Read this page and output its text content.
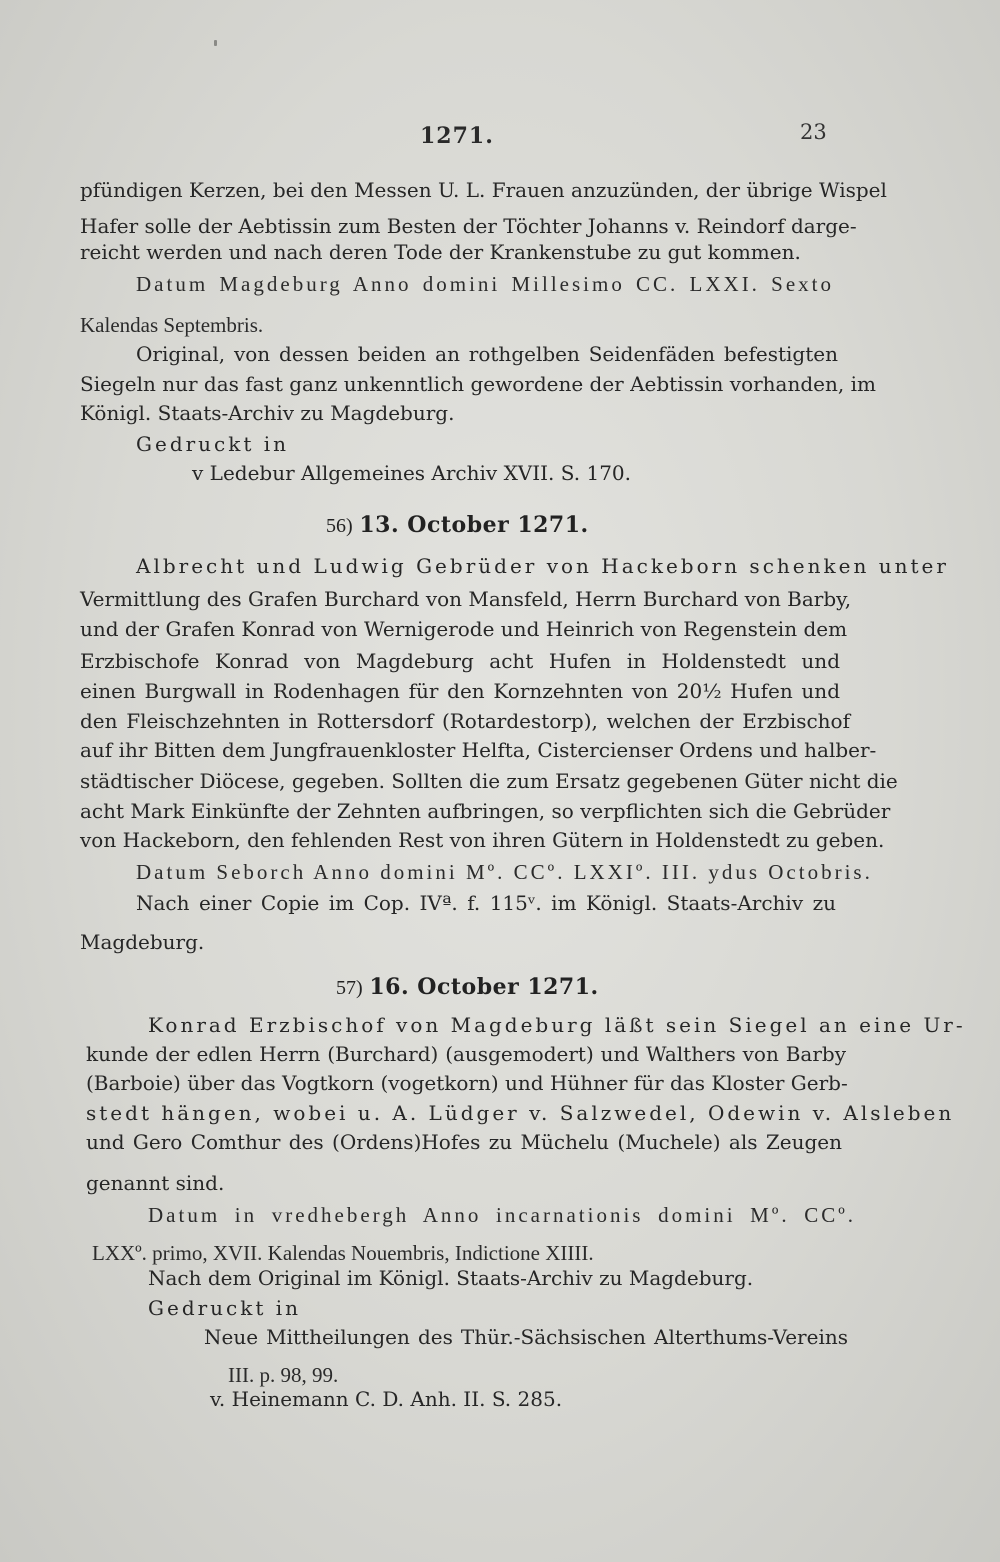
1271.	23
pfündigen Kerzen, bei den Messen U. L. Frauen anzuzünden, der übrige Wispel
Hafer solle der Aebtissin zum Besten der Töchter Johanns v. Reindorf darge-
reicht werden und nach deren Tode der Krankenstube zu gut kommen.
Datum Magdeburg Anno domini Millesimo CC. LXXI. Sexto
Kalendas Septembris.
Original, von dessen beiden an rothgelben Seidenfäden befestigten
Siegeln nur das fast ganz unkenntlich gewordene der Aebtissin vorhanden, im
Königl. Staats-Archiv zu Magdeburg.
Gedruckt in
v Ledebur Allgemeines Archiv XVII. S. 170.
56) 13. October 1271.
Albrecht und Ludwig Gebrüder von Hackeborn schenken unter
Vermittlung des Grafen Burchard von Mansfeld, Herrn Burchard von Barby,
und der Grafen Konrad von Wernigerode und Heinrich von Regenstein dem
Erzbischofe Konrad von Magdeburg acht Hufen in Holdenstedt und
einen Burgwall in Rodenhagen für den Kornzehnten von 20½ Hufen und
den Fleischzehnten in Rottersdorf (Rotardestorp), welchen der Erzbischof
auf ihr Bitten dem Jungfrauenkloster Helfta, Cistercienser Ordens und halber-
städtischer Diöcese, gegeben. Sollten die zum Ersatz gegebenen Güter nicht die
acht Mark Einkünfte der Zehnten aufbringen, so verpflichten sich die Gebrüder
von Hackeborn, den fehlenden Rest von ihren Gütern in Holdenstedt zu geben.
Datum Seborch Anno domini Mº. CCº. LXXIº. III. ydus Octobris.
Nach einer Copie im Cop. IVª. f. 115ᵛ. im Königl. Staats-Archiv zu
Magdeburg.
57) 16. October 1271.
Konrad Erzbischof von Magdeburg läßt sein Siegel an eine Ur-
kunde der edlen Herrn (Burchard) (ausgemodert) und Walthers von Barby
(Barboie) über das Vogtkorn (vogetkorn) und Hühner für das Kloster Gerb-
stedt hängen, wobei u. A. Lüdger v. Salzwedel, Odewin v. Alsleben
und Gero Comthur des (Ordens)Hofes zu Müchelu (Muchele) als Zeugen
genannt sind.
Datum in vredhebergh Anno incarnationis domini Mº. CCº.
LXXº. primo, XVII. Kalendas Nouembris, Indictione XIIII.
Nach dem Original im Königl. Staats-Archiv zu Magdeburg.
Gedruckt in
Neue Mittheilungen des Thür.-Sächsischen Alterthums-Vereins
III. p. 98, 99.
v. Heinemann C. D. Anh. II. S. 285.
